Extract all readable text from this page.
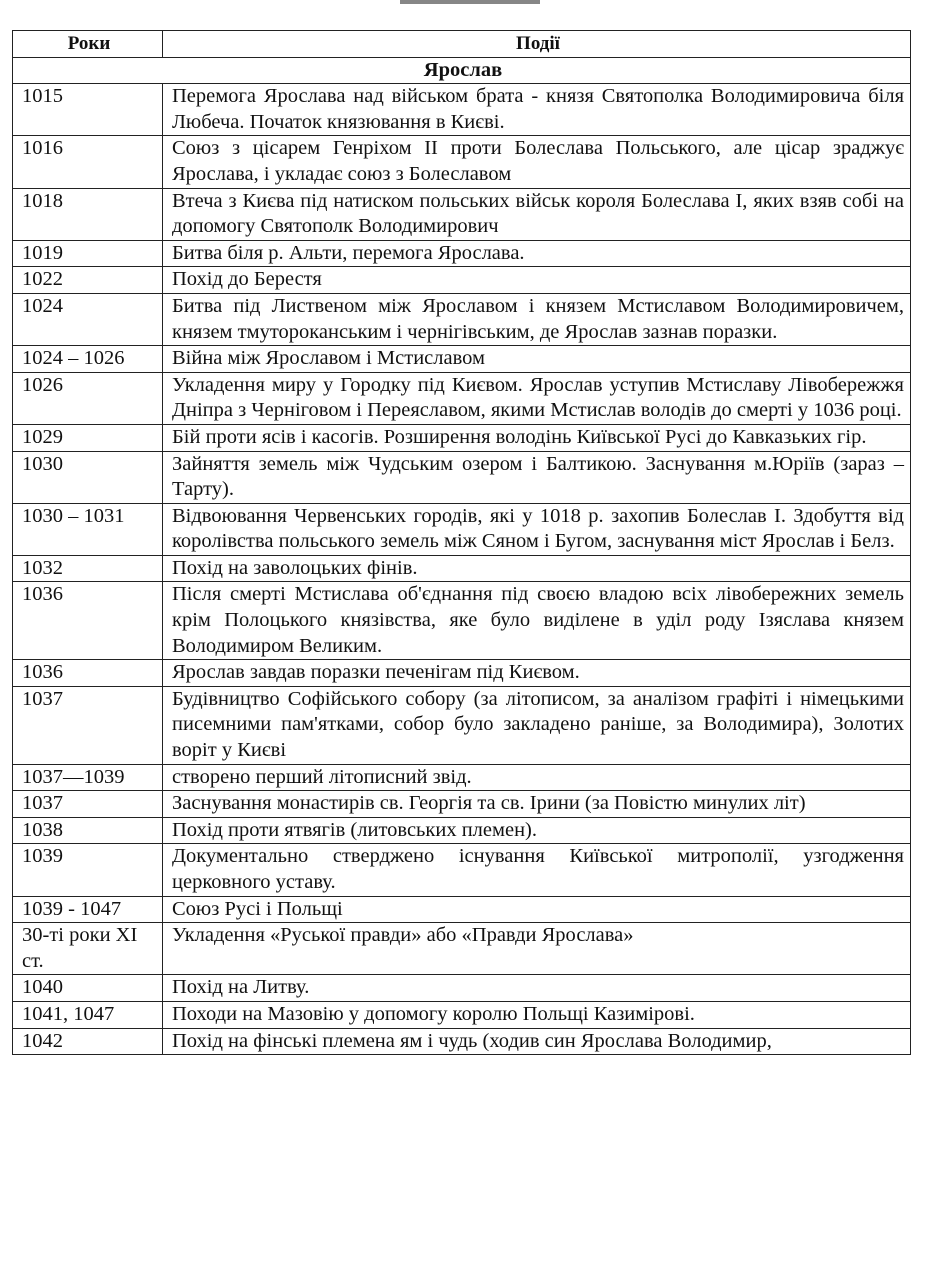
Роки	Події
Ярослав	
1015	Перемога Ярослава над військом брата - князя Святополка Володимировича біля Любеча. Початок князювання в Києві.
1016	Союз з цісарем Генріхом II проти Болеслава Польського, але цісар зраджує Ярослава, і укладає союз з Болеславом
1018	Втеча з Києва під натиском польських військ короля Болеслава І, яких взяв собі на допомогу Святополк Володимирович
1019	Битва біля р. Альти, перемога Ярослава.
1022	Похід до Берестя
1024	Битва під Лиственом між Ярославом і князем Мстиславом Володимировичем, князем тмутороканським і чернігівським, де Ярослав зазнав поразки.
1024 – 1026	Війна між Ярославом і Мстиславом
1026	Укладення миру у Городку під Києвом. Ярослав уступив Мстиславу Лівобережжя Дніпра з Черніговом і Переяславом, якими Мстислав володів до смерті у 1036 році.
1029	Бій проти ясів і касогів. Розширення володінь Київської Русі до Кавказьких гір.
1030	Зайняття земель між Чудським озером і Балтикою. Заснування м.Юріїв (зараз – Тарту).
1030 – 1031	Відвоювання Червенських городів, які у 1018 р. захопив Болеслав І. Здобуття від королівства польського земель між Сяном і Бугом, заснування міст Ярослав і Белз.
1032	Похід на заволоцьких фінів.
1036	Після смерті Мстислава об'єднання під своєю владою всіх лівобережних земель крім Полоцького князівства, яке було виділене в уділ роду Ізяслава князем Володимиром Великим.
1036	Ярослав завдав поразки печенігам під Києвом.
1037	Будівництво Софійського собору (за літописом, за аналізом графіті і німецькими писемними пам'ятками, собор було закладено раніше, за Володимира), Золотих воріт у Києві
1037—1039	створено перший літописний звід.
1037	Заснування монастирів св. Георгія та св. Ірини (за Повістю минулих літ)
1038	Похід проти ятвягів (литовських племен).
1039	Документально стверджено існування Київської митрополії, узгодження церковного уставу.
1039 - 1047	Союз Русі і Польщі
30-ті роки XI ст.	Укладення «Руської правди» або «Правди Ярослава»
1040	Похід на Литву.
1041, 1047	Походи на Мазовію у допомогу королю Польщі Казимірові.
1042	Похід на фінські племена ям і чудь (ходив син Ярослава Володимир,
